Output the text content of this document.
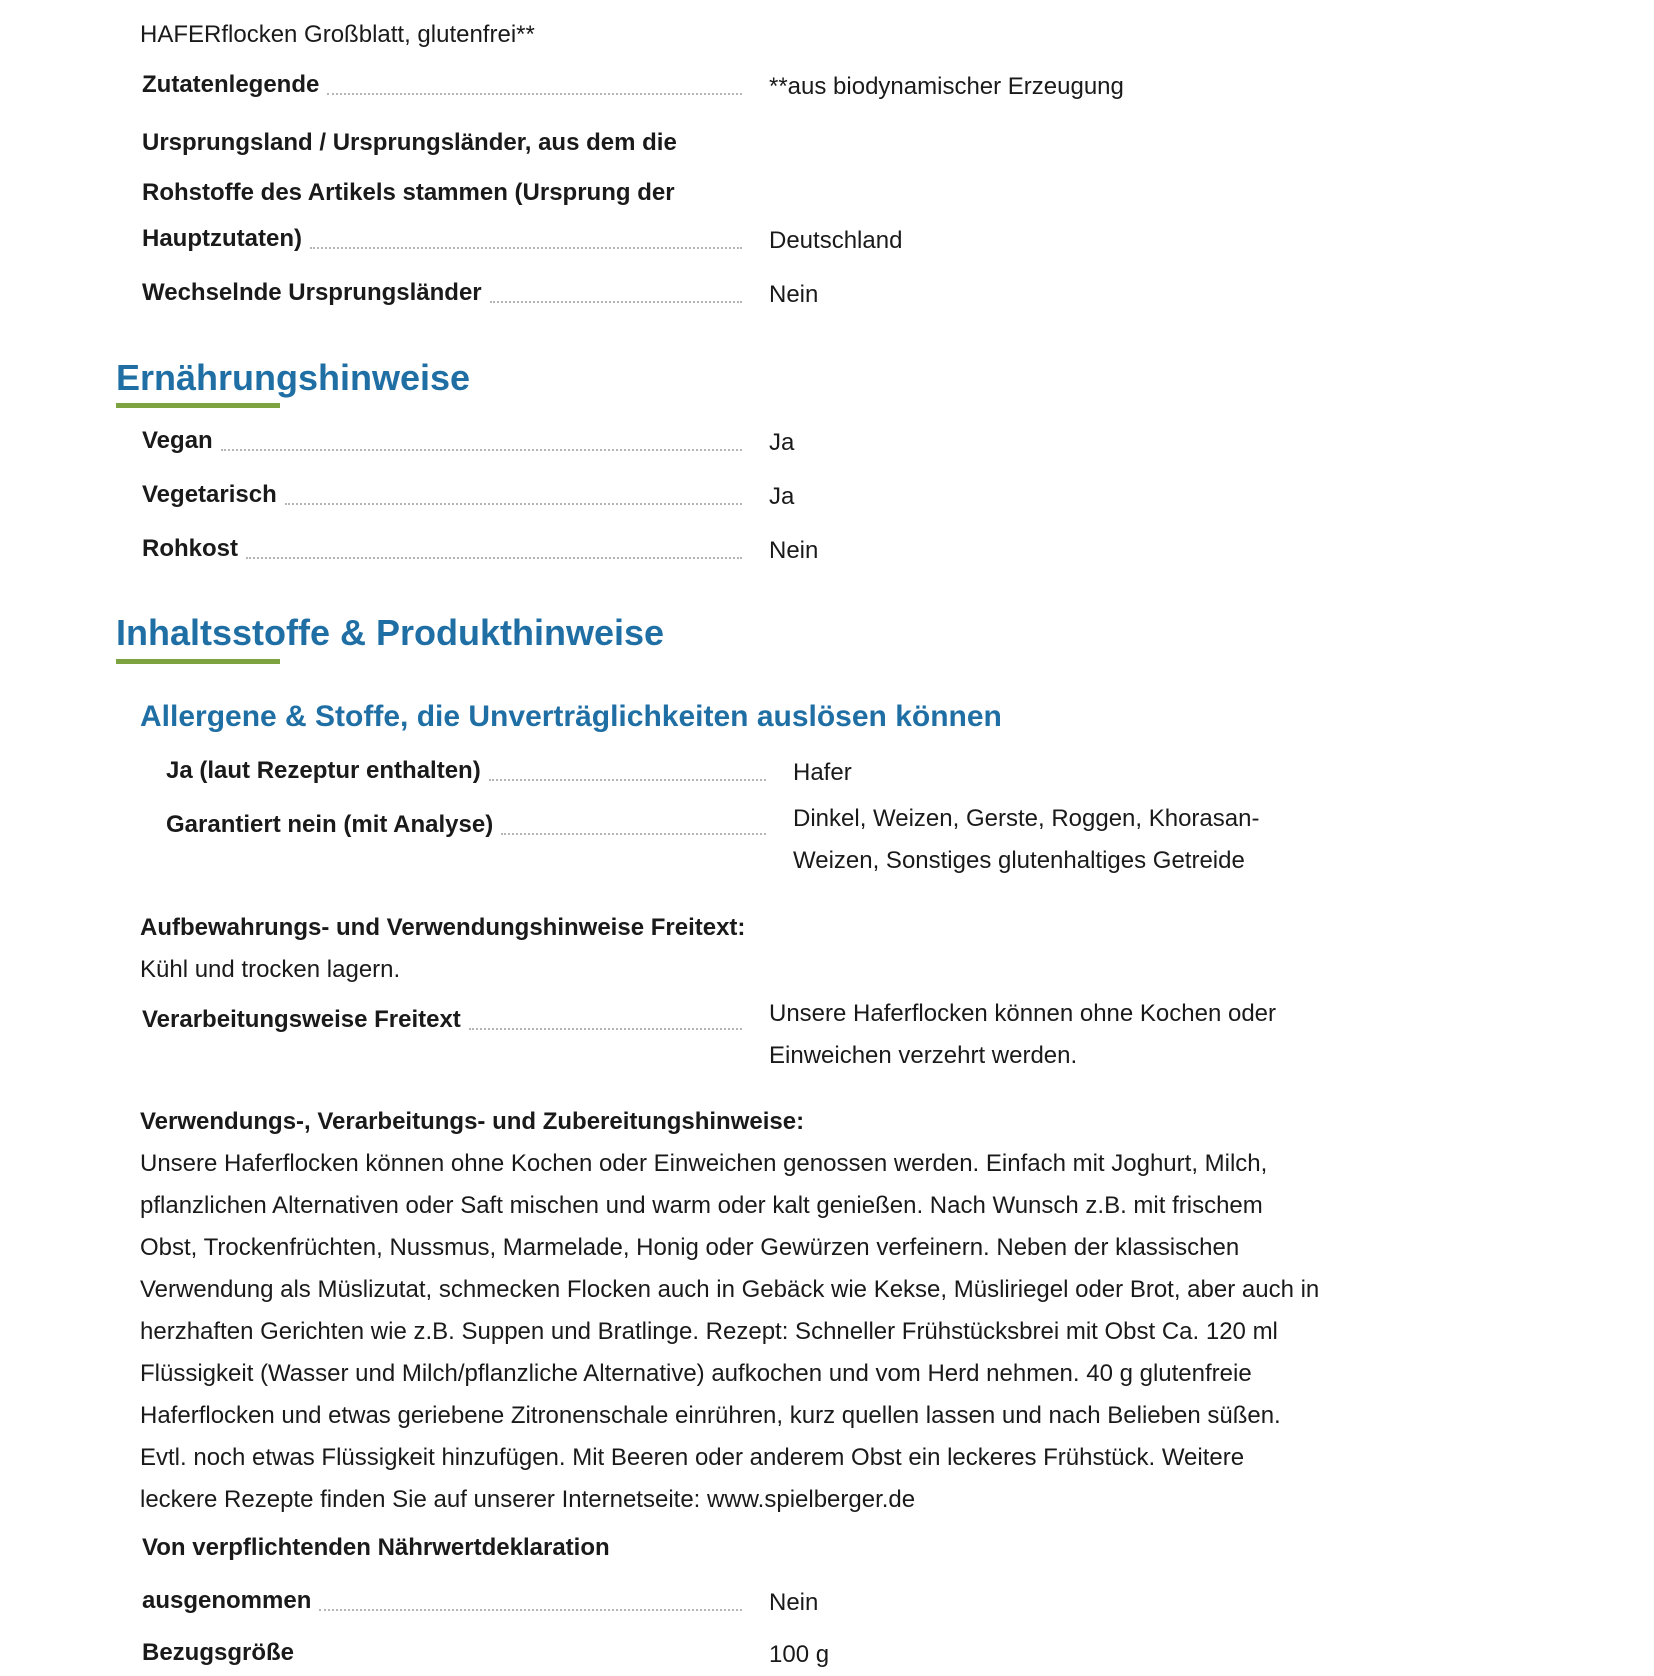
HAFERflocken Großblatt, glutenfrei**
Zutatenlegende	**aus biodynamischer Erzeugung
Ursprungsland / Ursprungsländer, aus dem die
Rohstoffe des Artikels stammen (Ursprung der
Hauptzutaten)	Deutschland
Wechselnde Ursprungsländer	Nein
Ernährungshinweise
Vegan	Ja
Vegetarisch	Ja
Rohkost	Nein
Inhaltsstoffe & Produkthinweise
Allergene & Stoffe, die Unverträglichkeiten auslösen können
Ja (laut Rezeptur enthalten)	Hafer
Garantiert nein (mit Analyse)	Dinkel, Weizen, Gerste, Roggen, Khorasan-
Weizen, Sonstiges glutenhaltiges Getreide
Aufbewahrungs- und Verwendungshinweise Freitext:
Kühl und trocken lagern.
Verarbeitungsweise Freitext	Unsere Haferflocken können ohne Kochen oder
Einweichen verzehrt werden.
Verwendungs-, Verarbeitungs- und Zubereitungshinweise:
Unsere Haferflocken können ohne Kochen oder Einweichen genossen werden. Einfach mit Joghurt, Milch,
pflanzlichen Alternativen oder Saft mischen und warm oder kalt genießen. Nach Wunsch z.B. mit frischem
Obst, Trockenfrüchten, Nussmus, Marmelade, Honig oder Gewürzen verfeinern. Neben der klassischen
Verwendung als Müslizutat, schmecken Flocken auch in Gebäck wie Kekse, Müsliriegel oder Brot, aber auch in
herzhaften Gerichten wie z.B. Suppen und Bratlinge. Rezept: Schneller Frühstücksbrei mit Obst Ca. 120 ml
Flüssigkeit (Wasser und Milch/pflanzliche Alternative) aufkochen und vom Herd nehmen. 40 g glutenfreie
Haferflocken und etwas geriebene Zitronenschale einrühren, kurz quellen lassen und nach Belieben süßen.
Evtl. noch etwas Flüssigkeit hinzufügen. Mit Beeren oder anderem Obst ein leckeres Frühstück. Weitere
leckere Rezepte finden Sie auf unserer Internetseite: www.spielberger.de
Von verpflichtenden Nährwertdeklaration
ausgenommen	Nein
Bezugsgröße	100 g
